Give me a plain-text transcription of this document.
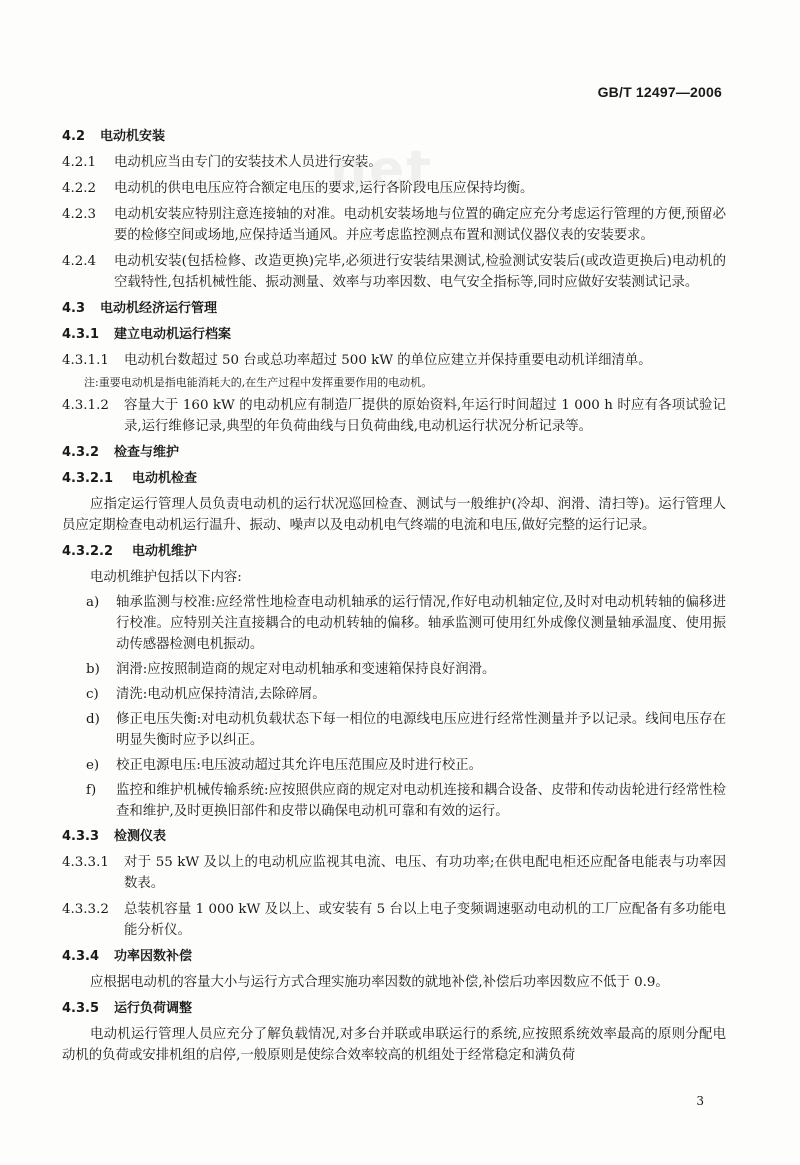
net
GB/T 12497—2006
4.2	电动机安装
4.2.1	电动机应当由专门的安装技术人员进行安装。
4.2.2	电动机的供电电压应符合额定电压的要求,运行各阶段电压应保持均衡。
4.2.3	电动机安装应特别注意连接轴的对准。电动机安装场地与位置的确定应充分考虑运行管理的方便,预留必要的检修空间或场地,应保持适当通风。并应考虑监控测点布置和测试仪器仪表的安装要求。
4.2.4	电动机安装(包括检修、改造更换)完毕,必须进行安装结果测试,检验测试安装后(或改造更换后)电动机的空载特性,包括机械性能、振动测量、效率与功率因数、电气安全指标等,同时应做好安装测试记录。
4.3	电动机经济运行管理
4.3.1	建立电动机运行档案
4.3.1.1	电动机台数超过 50 台或总功率超过 500 kW 的单位应建立并保持重要电动机详细清单。
注:重要电动机是指电能消耗大的,在生产过程中发挥重要作用的电动机。
4.3.1.2	容量大于 160 kW 的电动机应有制造厂提供的原始资料,年运行时间超过 1 000 h 时应有各项试验记录,运行维修记录,典型的年负荷曲线与日负荷曲线,电动机运行状况分析记录等。
4.3.2	检查与维护
4.3.2.1	电动机检查

应指定运行管理人员负责电动机的运行状况巡回检查、测试与一般维护(冷却、润滑、清扫等)。运行管理人员应定期检查电动机运行温升、振动、噪声以及电动机电气终端的电流和电压,做好完整的运行记录。

4.3.2.2	电动机维护

电动机维护包括以下内容:

a)	轴承监测与校准:应经常性地检查电动机轴承的运行情况,作好电动机轴定位,及时对电动机转轴的偏移进行校准。应特别关注直接耦合的电动机转轴的偏移。轴承监测可使用红外成像仪测量轴承温度、使用振动传感器检测电机振动。
b)	润滑:应按照制造商的规定对电动机轴承和变速箱保持良好润滑。
c)	清洗:电动机应保持清洁,去除碎屑。
d)	修正电压失衡:对电动机负载状态下每一相位的电源线电压应进行经常性测量并予以记录。线间电压存在明显失衡时应予以纠正。
e)	校正电源电压:电压波动超过其允许电压范围应及时进行校正。
f)	监控和维护机械传输系统:应按照供应商的规定对电动机连接和耦合设备、皮带和传动齿轮进行经常性检查和维护,及时更换旧部件和皮带以确保电动机可靠和有效的运行。
4.3.3	检测仪表
4.3.3.1	对于 55 kW 及以上的电动机应监视其电流、电压、有功功率;在供电配电柜还应配备电能表与功率因数表。
4.3.3.2	总装机容量 1 000 kW 及以上、或安装有 5 台以上电子变频调速驱动电动机的工厂应配备有多功能电能分析仪。
4.3.4	功率因数补偿

应根据电动机的容量大小与运行方式合理实施功率因数的就地补偿,补偿后功率因数应不低于 0.9。

4.3.5	运行负荷调整

电动机运行管理人员应充分了解负载情况,对多台并联或串联运行的系统,应按照系统效率最高的原则分配电动机的负荷或安排机组的启停,一般原则是使综合效率较高的机组处于经常稳定和满负荷

3
